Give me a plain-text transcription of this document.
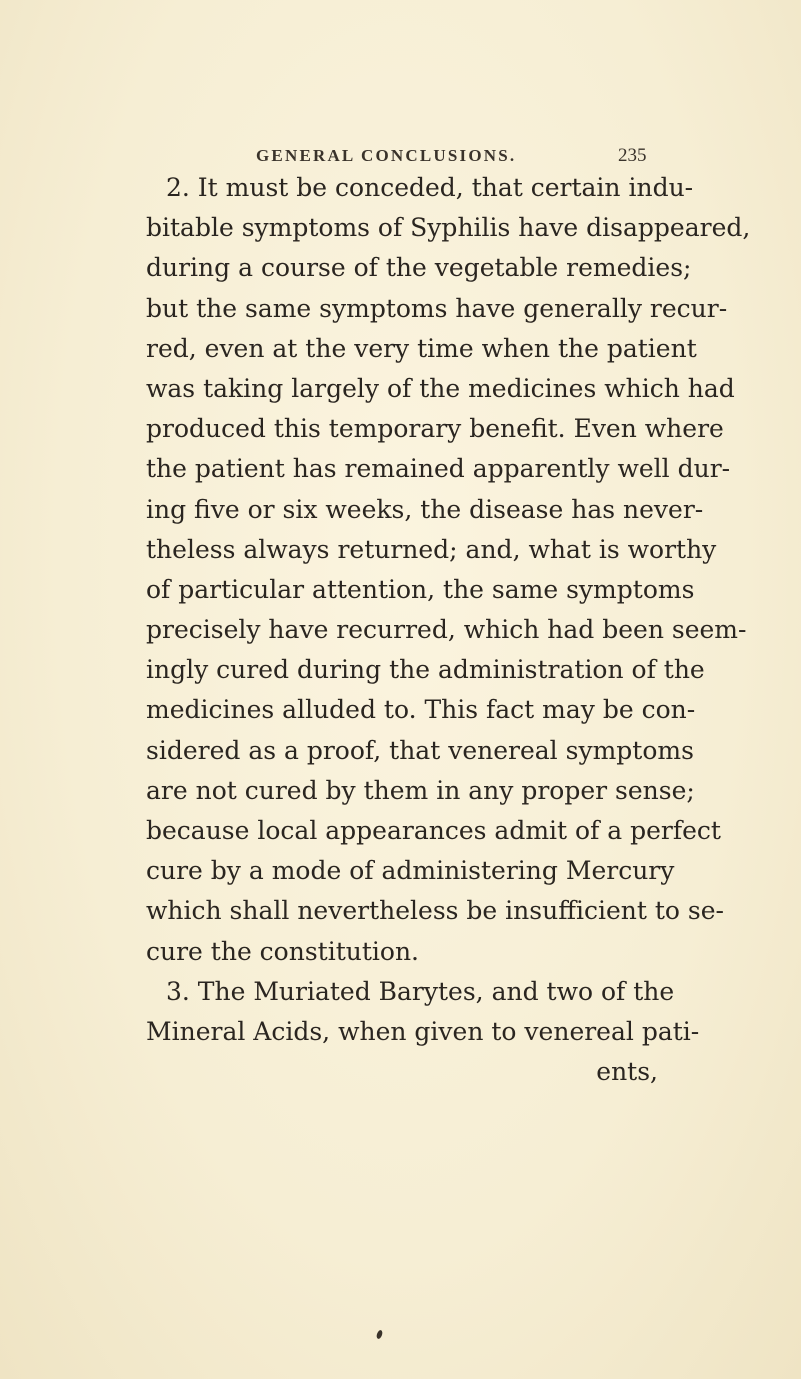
GENERAL CONCLUSIONS.	235
2. It must be conceded, that certain indu-
bitable symptoms of Syphilis have disappeared,
during a course of the vegetable remedies;
but the same symptoms have generally recur-
red, even at the very time when the patient
was taking largely of the medicines which had
produced this temporary benefit. Even where
the patient has remained apparently well dur-
ing five or six weeks, the disease has never-
theless always returned; and, what is worthy
of particular attention, the same symptoms
precisely have recurred, which had been seem-
ingly cured during the administration of the
medicines alluded to. This fact may be con-
sidered as a proof, that venereal symptoms
are not cured by them in any proper sense;
because local appearances admit of a perfect
cure by a mode of administering Mercury
which shall nevertheless be insufficient to se-
cure the constitution.
3. The Muriated Barytes, and two of the
Mineral Acids, when given to venereal pati-
ents,
